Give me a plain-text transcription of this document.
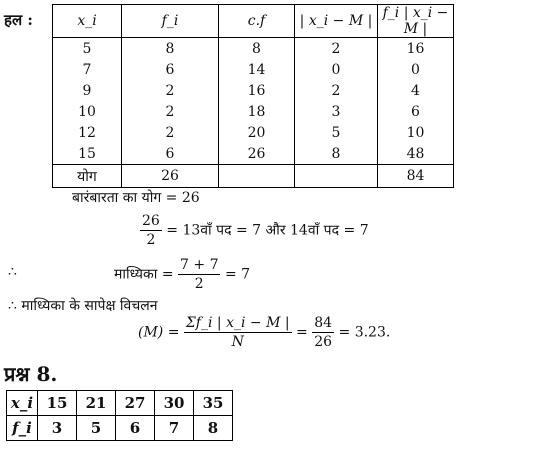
हल :	x_i	f_i	c.f	| x_i − M |	f_i | x_i − M |
5	8	8	2	16
7	6	14	0	0
9	2	16	2	4
10	2	18	3	6
12	2	20	5	10
15	6	26	8	48
योग	26			84
बारंबारता का योग = 26
$\frac{26}{2}$ = 13वाँ पद = 7 और 14वाँ पद = 7
∴	माध्यिका = $\frac{7 + 7}{2} = 7$
∴ माध्यिका के सापेक्ष विचलन
$(M) = \frac{\Sigma f\_i | x\_i - M |}{N} = \frac{84}{26} = 3.23$.
प्रश्न 8.
x_i	15	21	27	30	35
f_i	3	5	6	7	8
